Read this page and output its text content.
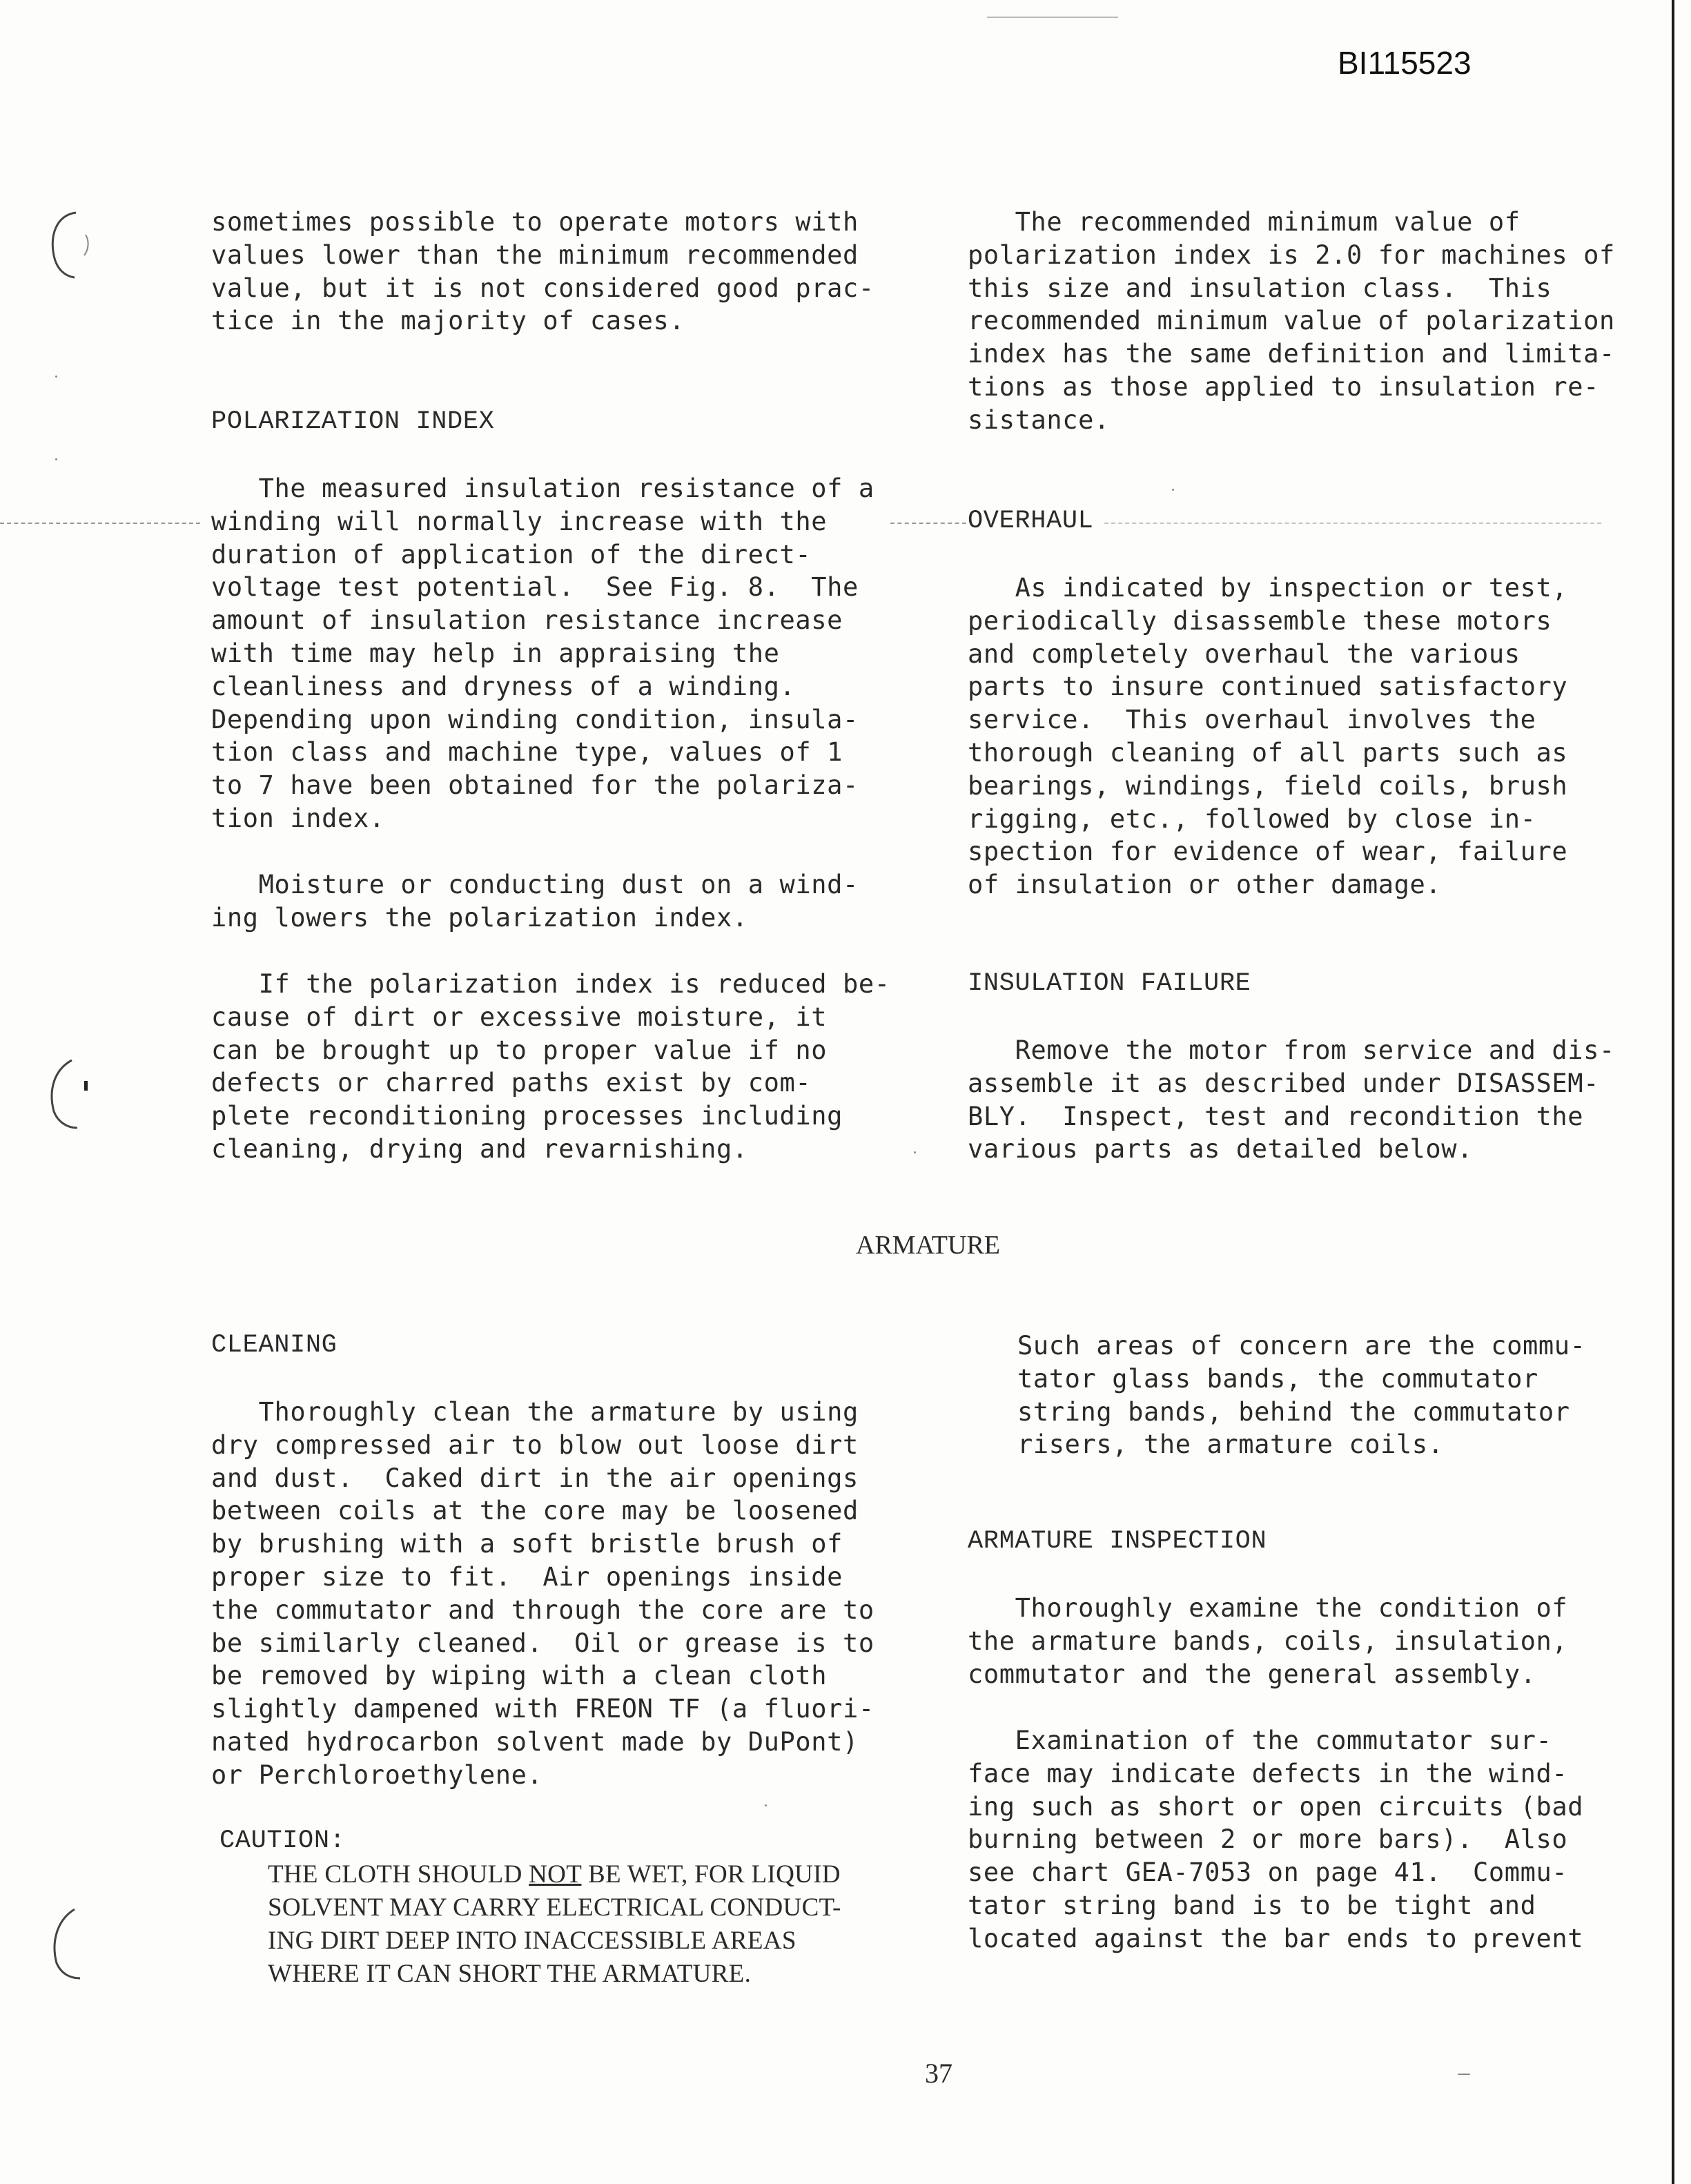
BI115523
sometimes possible to operate motors with
values lower than the minimum recommended
value, but it is not considered good prac-
tice in the majority of cases.
POLARIZATION INDEX
The measured insulation resistance of a
winding will normally increase with the
duration of application of the direct-
voltage test potential.  See Fig. 8.  The
amount of insulation resistance increase
with time may help in appraising the
cleanliness and dryness of a winding.
Depending upon winding condition, insula-
tion class and machine type, values of 1
to 7 have been obtained for the polariza-
tion index.
Moisture or conducting dust on a wind-
ing lowers the polarization index.
If the polarization index is reduced be-
cause of dirt or excessive moisture, it
can be brought up to proper value if no
defects or charred paths exist by com-
plete reconditioning processes including
cleaning, drying and revarnishing.
The recommended minimum value of
polarization index is 2.0 for machines of
this size and insulation class.  This
recommended minimum value of polarization
index has the same definition and limita-
tions as those applied to insulation re-
sistance.
OVERHAUL
As indicated by inspection or test,
periodically disassemble these motors
and completely overhaul the various
parts to insure continued satisfactory
service.  This overhaul involves the
thorough cleaning of all parts such as
bearings, windings, field coils, brush
rigging, etc., followed by close in-
spection for evidence of wear, failure
of insulation or other damage.
INSULATION FAILURE
Remove the motor from service and dis-
assemble it as described under DISASSEM-
BLY.  Inspect, test and recondition the
various parts as detailed below.
ARMATURE
CLEANING
Thoroughly clean the armature by using
dry compressed air to blow out loose dirt
and dust.  Caked dirt in the air openings
between coils at the core may be loosened
by brushing with a soft bristle brush of
proper size to fit.  Air openings inside
the commutator and through the core are to
be similarly cleaned.  Oil or grease is to
be removed by wiping with a clean cloth
slightly dampened with FREON TF (a fluori-
nated hydrocarbon solvent made by DuPont)
or Perchloroethylene.
CAUTION:
THE CLOTH SHOULD NOT BE WET, FOR LIQUID
SOLVENT MAY CARRY ELECTRICAL CONDUCT-
ING DIRT DEEP INTO INACCESSIBLE AREAS
WHERE IT CAN SHORT THE ARMATURE.
Such areas of concern are the commu-
tator glass bands, the commutator
string bands, behind the commutator
risers, the armature coils.
ARMATURE INSPECTION
Thoroughly examine the condition of
the armature bands, coils, insulation,
commutator and the general assembly.
Examination of the commutator sur-
face may indicate defects in the wind-
ing such as short or open circuits (bad
burning between 2 or more bars).  Also
see chart GEA-7053 on page 41.  Commu-
tator string band is to be tight and
located against the bar ends to prevent
37
